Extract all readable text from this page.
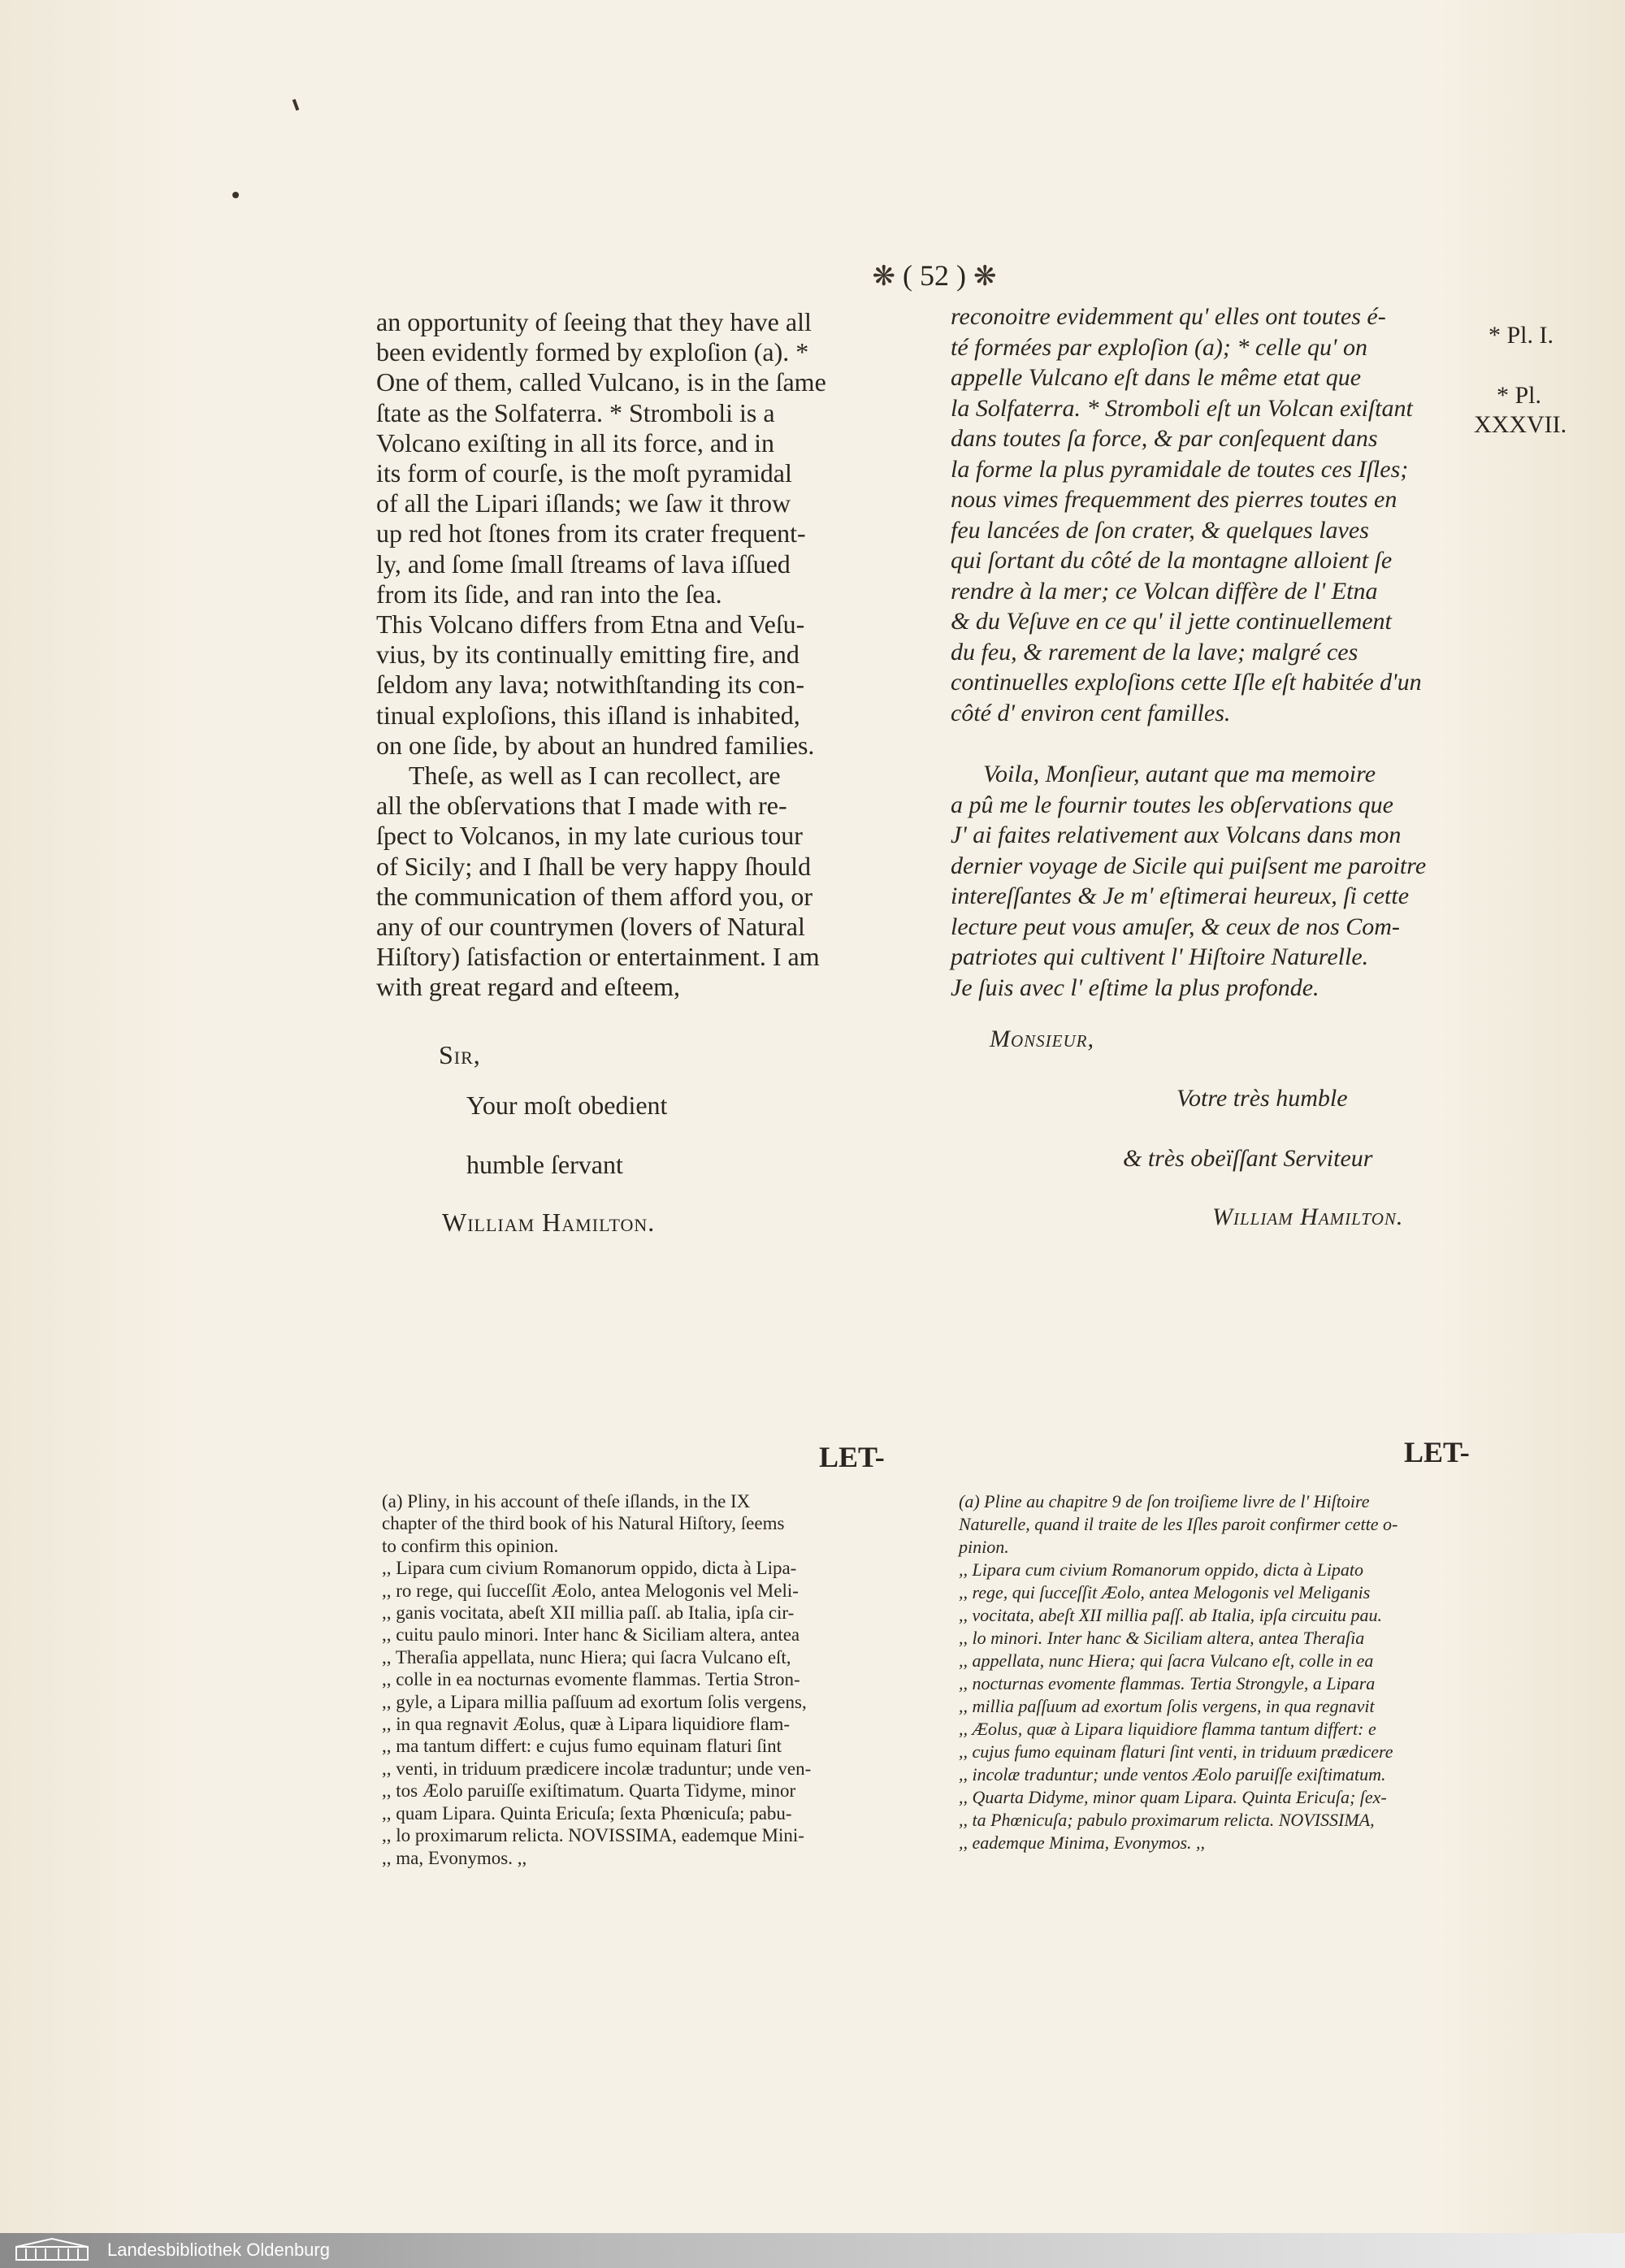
❋ ( 52 ) ❋

an opportunity of ſeeing that they have all
been evidently formed by exploſion (a). *
One of them, called Vulcano, is in the ſame
ſtate as the Solfaterra. * Stromboli is a
Volcano exiſting in all its force, and in
its form of courſe, is the moſt pyramidal
of all the Lipari iſlands; we ſaw it throw
up red hot ſtones from its crater frequent-
ly, and ſome ſmall ſtreams of lava iſſued
from its ſide, and ran into the ſea.
This Volcano differs from Etna and Veſu-
vius, by its continually emitting fire, and
ſeldom any lava; notwithſtanding its con-
tinual exploſions, this iſland is inhabited,
on one ſide, by about an hundred families.

Theſe, as well as I can recollect, are
all the obſervations that I made with re-
ſpect to Volcanos, in my late curious tour
of Sicily; and I ſhall be very happy ſhould
the communication of them afford you, or
any of our countrymen (lovers of Natural
Hiſtory) ſatisfaction or entertainment. I am
with great regard and eſteem,

Sir,
Your moſt obedient
humble ſervant
William Hamilton.

reconoitre evidemment qu' elles ont toutes é-
té formées par exploſion (a); * celle qu' on
appelle Vulcano eſt dans le même etat que
la Solfaterra. * Stromboli eſt un Volcan exiſtant
dans toutes ſa force, & par conſequent dans
la forme la plus pyramidale de toutes ces Iſles;
nous vimes frequemment des pierres toutes en
feu lancées de ſon crater, & quelques laves
qui ſortant du côté de la montagne alloient ſe
rendre à la mer; ce Volcan diffère de l' Etna
& du Veſuve en ce qu' il jette continuellement
du feu, & rarement de la lave; malgré ces
continuelles exploſions cette Iſle eſt habitée d'un
côté d' environ cent familles.

Voila, Monſieur, autant que ma memoire
a pû me le fournir toutes les obſervations que
J' ai faites relativement aux Volcans dans mon
dernier voyage de Sicile qui puiſsent me paroitre
intereſſantes & Je m' eſtimerai heureux, ſi cette
lecture peut vous amuſer, & ceux de nos Com-
patriotes qui cultivent l' Hiſtoire Naturelle.
Je ſuis avec l' eſtime la plus profonde.

Monsieur,
Votre très humble
& très obeïſſant Serviteur
William Hamilton.
* Pl. I.
* Pl.
XXXVII.
LET-	LET-
(a) Pliny, in his account of theſe iſlands, in the IX
chapter of the third book of his Natural Hiſtory, ſeems
to confirm this opinion.
,, Lipara cum civium Romanorum oppido, dicta à Lipa-
,, ro rege, qui ſucceſſit Æolo, antea Melogonis vel Meli-
,, ganis vocitata, abeſt XII millia paſſ. ab Italia, ipſa cir-
,, cuitu paulo minori. Inter hanc & Siciliam altera, antea
,, Theraſia appellata, nunc Hiera; qui ſacra Vulcano eſt,
,, colle in ea nocturnas evomente flammas. Tertia Stron-
,, gyle, a Lipara millia paſſuum ad exortum ſolis vergens,
,, in qua regnavit Æolus, quæ à Lipara liquidiore flam-
,, ma tantum differt: e cujus fumo equinam flaturi ſint
,, venti, in triduum prædicere incolæ traduntur; unde ven-
,, tos Æolo paruiſſe exiſtimatum. Quarta Tidyme, minor
,, quam Lipara. Quinta Ericuſa; ſexta Phœnicuſa; pabu-
,, lo proximarum relicta. NOVISSIMA, eademque Mini-
,, ma, Evonymos. ,,
(a) Pline au chapitre 9 de ſon troiſieme livre de l' Hiſtoire
Naturelle, quand il traite de les Iſles paroit confirmer cette o-
pinion.
,, Lipara cum civium Romanorum oppido, dicta à Lipato
,, rege, qui ſucceſſit Æolo, antea Melogonis vel Meliganis
,, vocitata, abeſt XII millia paſſ. ab Italia, ipſa circuitu pau.
,, lo minori. Inter hanc & Siciliam altera, antea Theraſia
,, appellata, nunc Hiera; qui ſacra Vulcano eſt, colle in ea
,, nocturnas evomente flammas. Tertia Strongyle, a Lipara
,, millia paſſuum ad exortum ſolis vergens, in qua regnavit
,, Æolus, quæ à Lipara liquidiore flamma tantum differt: e
,, cujus fumo equinam flaturi ſint venti, in triduum prædicere
,, incolæ traduntur; unde ventos Æolo paruiſſe exiſtimatum.
,, Quarta Didyme, minor quam Lipara. Quinta Ericuſa; ſex-
,, ta Phœnicuſa; pabulo proximarum relicta. NOVISSIMA,
,, eademque Minima, Evonymos. ,,
Landesbibliothek Oldenburg
